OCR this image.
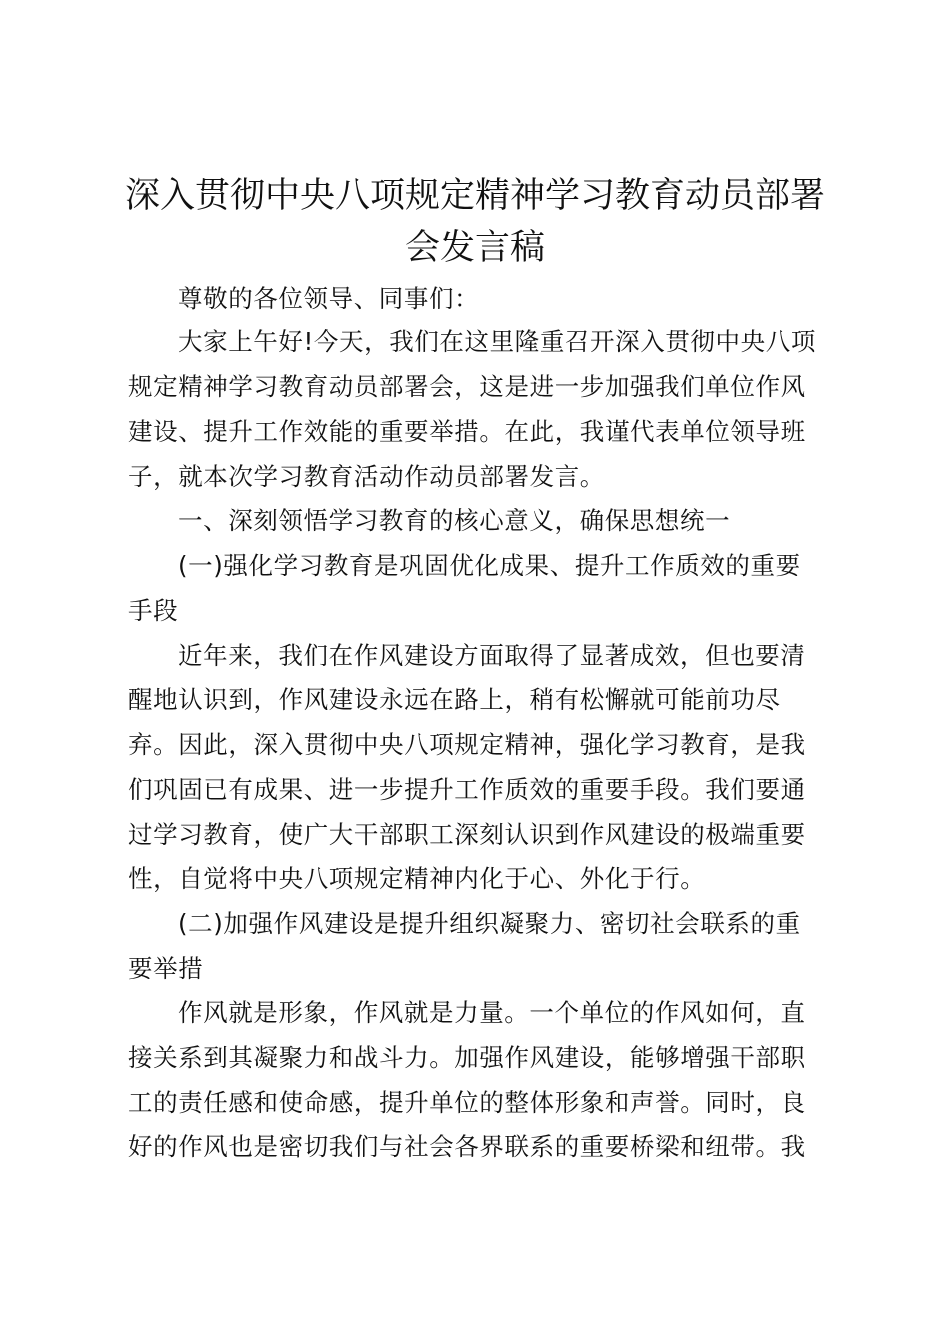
深入贯彻中央八项规定精神学习教育动员部署
会发言稿
尊敬的各位领导、同事们：
大家上午好!今天，我们在这里隆重召开深入贯彻中央八项
规定精神学习教育动员部署会，这是进一步加强我们单位作风
建设、提升工作效能的重要举措。在此，我谨代表单位领导班
子，就本次学习教育活动作动员部署发言。
一、深刻领悟学习教育的核心意义，确保思想统一
(一)强化学习教育是巩固优化成果、提升工作质效的重要
手段
近年来，我们在作风建设方面取得了显著成效，但也要清
醒地认识到，作风建设永远在路上，稍有松懈就可能前功尽
弃。因此，深入贯彻中央八项规定精神，强化学习教育，是我
们巩固已有成果、进一步提升工作质效的重要手段。我们要通
过学习教育，使广大干部职工深刻认识到作风建设的极端重要
性，自觉将中央八项规定精神内化于心、外化于行。
(二)加强作风建设是提升组织凝聚力、密切社会联系的重
要举措
作风就是形象，作风就是力量。一个单位的作风如何，直
接关系到其凝聚力和战斗力。加强作风建设，能够增强干部职
工的责任感和使命感，提升单位的整体形象和声誉。同时，良
好的作风也是密切我们与社会各界联系的重要桥梁和纽带。我
